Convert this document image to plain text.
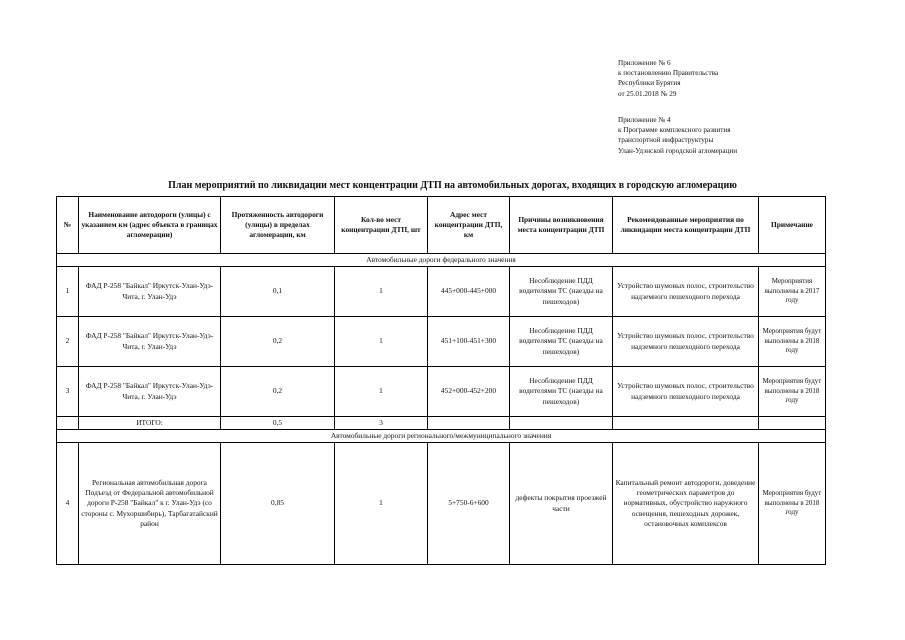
Приложение № 6
к постановлению Правительства
Республики Бурятия
от 25.01.2018 № 29
Приложение № 4
к Программе комплексного развития
транспортной инфраструктуры
Улан-Удэнской городской агломерации
План мероприятий по ликвидации мест концентрации ДТП на автомобильных дорогах, входящих в городскую агломерацию
№	Наименование автодороги (улицы) с указанием км (адрес объекта в границах агломерации)	Протяженность автодороги (улицы) в пределах агломерации, км	Кол-во мест концентрации ДТП, шт	Адрес мест концентрации ДТП, км	Причины возникновения места концентрации ДТП	Рекомендованные мероприятия по ликвидации места концентрации ДТП	Примечание
Автомобильные дороги федерального значения							
1	ФАД Р-258 "Байкал" Иркутск-Улан-Удэ- Чита, г. Улан-Удэ	0,1	1	445+000-445+000	Несоблюдение ПДД водителями ТС (наезды на пешеходов)	Устройство шумовых полос, строительство надземного пешеходного перехода	Мероприятия выполнены в 2017 году
2	ФАД Р-258 "Байкал" Иркутск-Улан-Удэ- Чита, г. Улан-Удэ	0,2	1	451+100-451+300	Несоблюдение ПДД водителями ТС (наезды на пешеходов)	Устройство шумовых полос, строительство надземного пешеходного перехода	Мероприятия будут выполнены в 2018 году
3	ФАД Р-258 "Байкал" Иркутск-Улан-Удэ- Чита, г. Улан-Удэ	0,2	1	452+000-452+200	Несоблюдение ПДД водителями ТС (наезды на пешеходов)	Устройство шумовых полос, строительство надземного пешеходного перехода	Мероприятия будут выполнены в 2018 году
	ИТОГО:	0,5	3				
Автомобильные дороги регионального/межмуниципального значения							
4	Региональная автомобильная дорога Подъезд от Федеральной автомобильной дороги Р-258 "Байкал" к г. Улан-Удэ (со стороны с. Мухоршибирь), Тарбагатайский район	0,85	1	5+750-6+600	дефекты покрытия проезжей части	Капитальный ремонт автодороги, доведение геометрических параметров до нормативных, обустройство наружного освещения, пешеходных дорожек, остановочных комплексов	Мероприятия будут выполнены в 2018 году
